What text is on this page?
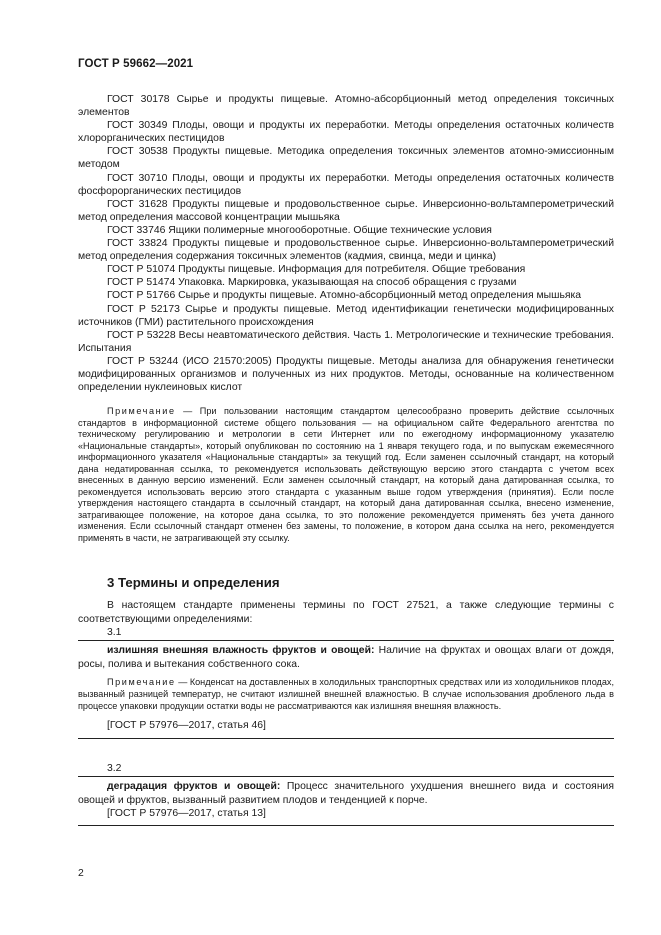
ГОСТ Р 59662—2021

ГОСТ 30178 Сырье и продукты пищевые. Атомно-абсорбционный метод определения токсичных элементов

ГОСТ 30349 Плоды, овощи и продукты их переработки. Методы определения остаточных количеств хлорорганических пестицидов

ГОСТ 30538 Продукты пищевые. Методика определения токсичных элементов атомно-эмиссионным методом

ГОСТ 30710 Плоды, овощи и продукты их переработки. Методы определения остаточных количеств фосфорорганических пестицидов

ГОСТ 31628 Продукты пищевые и продовольственное сырье. Инверсионно-вольтамперометрический метод определения массовой концентрации мышьяка

ГОСТ 33746 Ящики полимерные многооборотные. Общие технические условия

ГОСТ 33824 Продукты пищевые и продовольственное сырье. Инверсионно-вольтамперометрический метод определения содержания токсичных элементов (кадмия, свинца, меди и цинка)

ГОСТ Р 51074 Продукты пищевые. Информация для потребителя. Общие требования

ГОСТ Р 51474 Упаковка. Маркировка, указывающая на способ обращения с грузами

ГОСТ Р 51766 Сырье и продукты пищевые. Атомно-абсорбционный метод определения мышьяка

ГОСТ Р 52173 Сырье и продукты пищевые. Метод идентификации генетически модифицированных источников (ГМИ) растительного происхождения

ГОСТ Р 53228 Весы неавтоматического действия. Часть 1. Метрологические и технические требования. Испытания

ГОСТ Р 53244 (ИСО 21570:2005) Продукты пищевые. Методы анализа для обнаружения генетически модифицированных организмов и полученных из них продуктов. Методы, основанные на количественном определении нуклеиновых кислот

Примечание — При пользовании настоящим стандартом целесообразно проверить действие ссылочных стандартов в информационной системе общего пользования — на официальном сайте Федерального агентства по техническому регулированию и метрологии в сети Интернет или по ежегодному информационному указателю «Национальные стандарты», который опубликован по состоянию на 1 января текущего года, и по выпускам ежемесячного информационного указателя «Национальные стандарты» за текущий год. Если заменен ссылочный стандарт, на который дана недатированная ссылка, то рекомендуется использовать действующую версию этого стандарта с учетом всех внесенных в данную версию изменений. Если заменен ссылочный стандарт, на который дана датированная ссылка, то рекомендуется использовать версию этого стандарта с указанным выше годом утверждения (принятия). Если после утверждения настоящего стандарта в ссылочный стандарт, на который дана датированная ссылка, внесено изменение, затрагивающее положение, на которое дана ссылка, то это положение рекомендуется применять без учета данного изменения. Если ссылочный стандарт отменен без замены, то положение, в котором дана ссылка на него, рекомендуется применять в части, не затрагивающей эту ссылку.

3 Термины и определения

В настоящем стандарте применены термины по ГОСТ 27521, а также следующие термины с соответствующими определениями:

3.1

излишняя внешняя влажность фруктов и овощей: Наличие на фруктах и овощах влаги от дождя, росы, полива и вытекания собственного сока.

Примечание — Конденсат на доставленных в холодильных транспортных средствах или из холодильников плодах, вызванный разницей температур, не считают излишней внешней влажностью. В случае использования дробленого льда в процессе упаковки продукции остатки воды не рассматриваются как излишняя внешняя влажность.

[ГОСТ Р 57976—2017, статья 46]

3.2

деградация фруктов и овощей: Процесс значительного ухудшения внешнего вида и состояния овощей и фруктов, вызванный развитием плодов и тенденцией к порче.

[ГОСТ Р 57976—2017, статья 13]

2
